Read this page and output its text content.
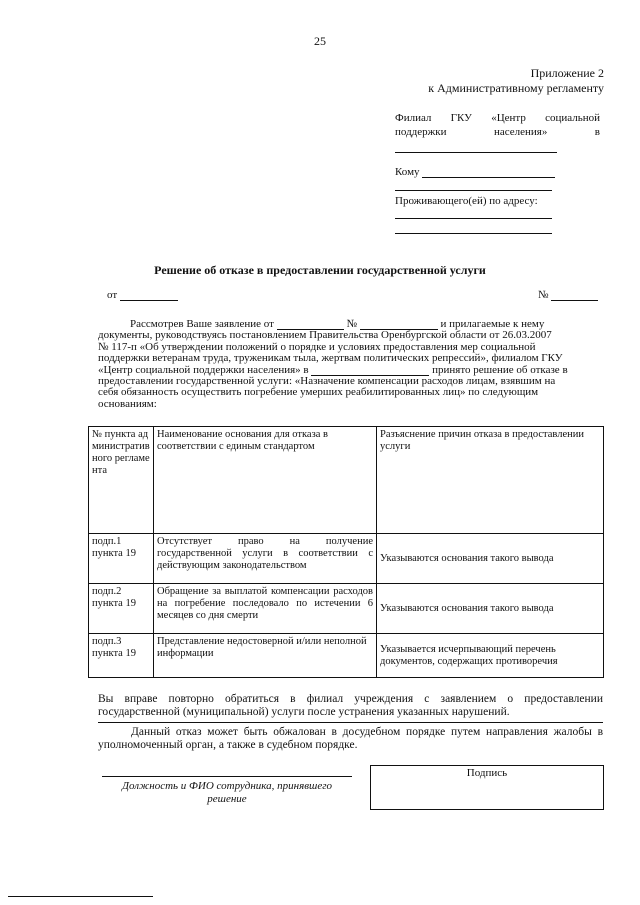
25
Приложение 2
к Административному регламенту
Филиал ГКУ «Центр социальной
поддержки	населения»	в
Кому
Проживающего(ей) по адресу:
Решение об отказе в предоставлении государственной услуги
от	№
Рассмотрев Ваше заявление от	№	и прилагаемые к нему
документы, руководствуясь постановлением Правительства Оренбургской области от 26.03.2007
№ 117-п «Об утверждении положений о порядке и условиях предоставления мер социальной
поддержки ветеранам труда, труженикам тыла, жертвам политических репрессий», филиалом ГКУ
«Центр социальной поддержки населения» в	принято решение об отказе в
предоставлении государственной услуги: «Назначение компенсации расходов лицам, взявшим на
себя обязанность осуществить погребение умерших реабилитированных лиц» по следующим
основаниям:
№ пункта административного регламента	Наименование основания для отказа в соответствии с единым стандартом	Разъяснение причин отказа в предоставлении услуги
подп.1 пункта 19	Отсутствует право на получение государственной услуги в соответствии с действующим законодательством	Указываются основания такого вывода
подп.2 пункта 19	Обращение за выплатой компенсации расходов на погребение последовало по истечении 6 месяцев со дня смерти	Указываются основания такого вывода
подп.3 пункта 19	Представление недостоверной и/или неполной информации	Указывается исчерпывающий перечень документов, содержащих противоречия
Вы вправе повторно обратиться в филиал учреждения с заявлением о предоставлении
государственной (муниципальной) услуги после устранения указанных нарушений.
Данный отказ может быть обжалован в досудебном порядке путем направления жалобы в
уполномоченный орган, а также в судебном порядке.
Должность и ФИО сотрудника, принявшего решение
Подпись
